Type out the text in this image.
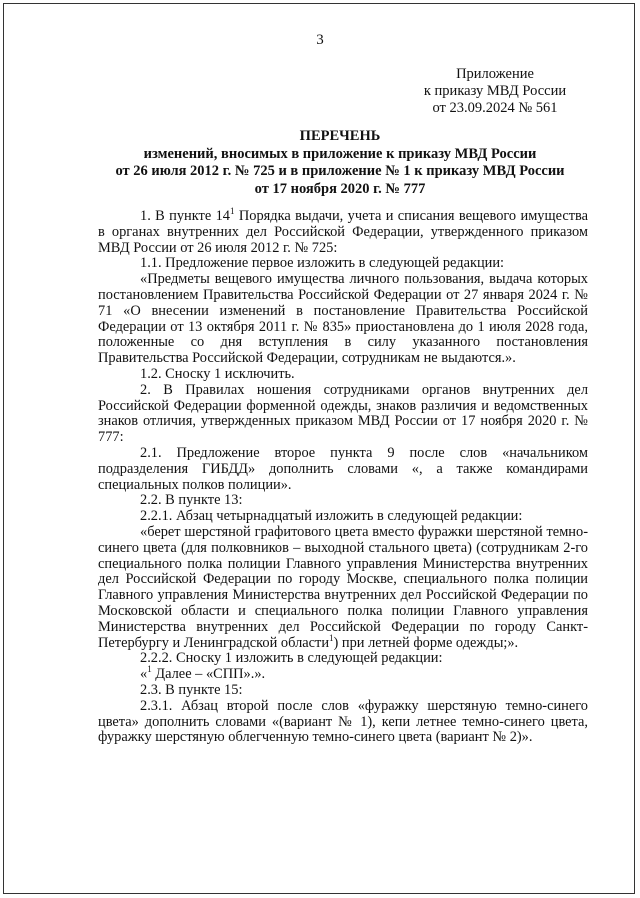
3
Приложение
к приказу МВД России
от 23.09.2024 № 561
ПЕРЕЧЕНЬ
изменений, вносимых в приложение к приказу МВД России
от 26 июля 2012 г. № 725 и в приложение № 1 к приказу МВД России
от 17 ноября 2020 г. № 777

1. В пункте $14^1$ Порядка выдачи, учета и списания вещевого имущества в органах внутренних дел Российской Федерации, утвержденного приказом МВД России от 26 июля 2012 г. № 725:

1.1. Предложение первое изложить в следующей редакции:

«Предметы вещевого имущества личного пользования, выдача которых постановлением Правительства Российской Федерации от 27 января 2024 г. № 71 «О внесении изменений в постановление Правительства Российской Федерации от 13 октября 2011 г. № 835» приостановлена до 1 июля 2028 года, положенные со дня вступления в силу указанного постановления Правительства Российской Федерации, сотрудникам не выдаются.».

1.2. Сноску 1 исключить.

2. В Правилах ношения сотрудниками органов внутренних дел Российской Федерации форменной одежды, знаков различия и ведомственных знаков отличия, утвержденных приказом МВД России от 17 ноября 2020 г. № 777:

2.1. Предложение второе пункта 9 после слов «начальником подразделения ГИБДД» дополнить словами «, а также командирами специальных полков полиции».

2.2. В пункте 13:

2.2.1. Абзац четырнадцатый изложить в следующей редакции:

«берет шерстяной графитового цвета вместо фуражки шерстяной темно-синего цвета (для полковников – выходной стального цвета) (сотрудникам 2-го специального полка полиции Главного управления Министерства внутренних дел Российской Федерации по городу Москве, специального полка полиции Главного управления Министерства внутренних дел Российской Федерации по Московской области и специального полка полиции Главного управления Министерства внутренних дел Российской Федерации по городу Санкт-Петербургу и Ленинградской области$^1$) при летней форме одежды;».

2.2.2. Сноску 1 изложить в следующей редакции:

«$^1$ Далее – «СПП».».

2.3. В пункте 15:

2.3.1. Абзац второй после слов «фуражку шерстяную темно-синего цвета» дополнить словами «(вариант № 1), кепи летнее темно-синего цвета, фуражку шерстяную облегченную темно-синего цвета (вариант № 2)».
